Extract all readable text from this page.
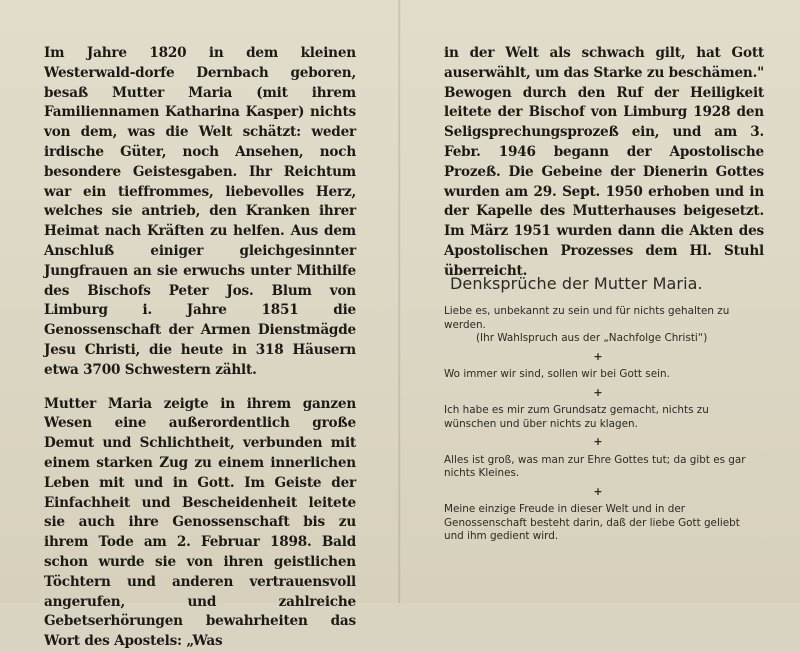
Im Jahre 1820 in dem kleinen Westerwald-dorfe Dernbach geboren, besaß Mutter Maria (mit ihrem Familiennamen Katharina Kasper) nichts von dem, was die Welt schätzt: weder irdische Güter, noch Ansehen, noch besondere Geistesgaben. Ihr Reichtum war ein tieffrommes, liebevolles Herz, welches sie antrieb, den Kranken ihrer Heimat nach Kräften zu helfen. Aus dem Anschluß einiger gleichgesinnter Jungfrauen an sie erwuchs unter Mithilfe des Bischofs Peter Jos. Blum von Limburg i. Jahre 1851 die Genossenschaft der Armen Dienstmägde Jesu Christi, die heute in 318 Häusern etwa 3700 Schwestern zählt.

Mutter Maria zeigte in ihrem ganzen Wesen eine außerordentlich große Demut und Schlichtheit, verbunden mit einem starken Zug zu einem innerlichen Leben mit und in Gott. Im Geiste der Einfachheit und Bescheidenheit leitete sie auch ihre Genossenschaft bis zu ihrem Tode am 2. Februar 1898. Bald schon wurde sie von ihren geistlichen Töchtern und anderen vertrauensvoll angerufen, und zahlreiche Gebetserhörungen bewahrheiten das Wort des Apostels: „Was

in der Welt als schwach gilt, hat Gott auserwählt, um das Starke zu beschämen." Bewogen durch den Ruf der Heiligkeit leitete der Bischof von Limburg 1928 den Seligsprechungsprozeß ein, und am 3. Febr. 1946 begann der Apostolische Prozeß. Die Gebeine der Dienerin Gottes wurden am 29. Sept. 1950 erhoben und in der Kapelle des Mutterhauses beigesetzt. Im März 1951 wurden dann die Akten des Apostolischen Prozesses dem Hl. Stuhl überreicht.

Denksprüche der Mutter Maria.

Liebe es, unbekannt zu sein und für nichts gehalten zu werden.

(Ihr Wahlspruch aus der „Nachfolge Christi“)

+

Wo immer wir sind, sollen wir bei Gott sein.

+

Ich habe es mir zum Grundsatz gemacht, nichts zu wünschen und über nichts zu klagen.

+

Alles ist groß, was man zur Ehre Gottes tut; da gibt es gar nichts Kleines.

+

Meine einzige Freude in dieser Welt und in der Genossenschaft besteht darin, daß der liebe Gott geliebt und ihm gedient wird.
